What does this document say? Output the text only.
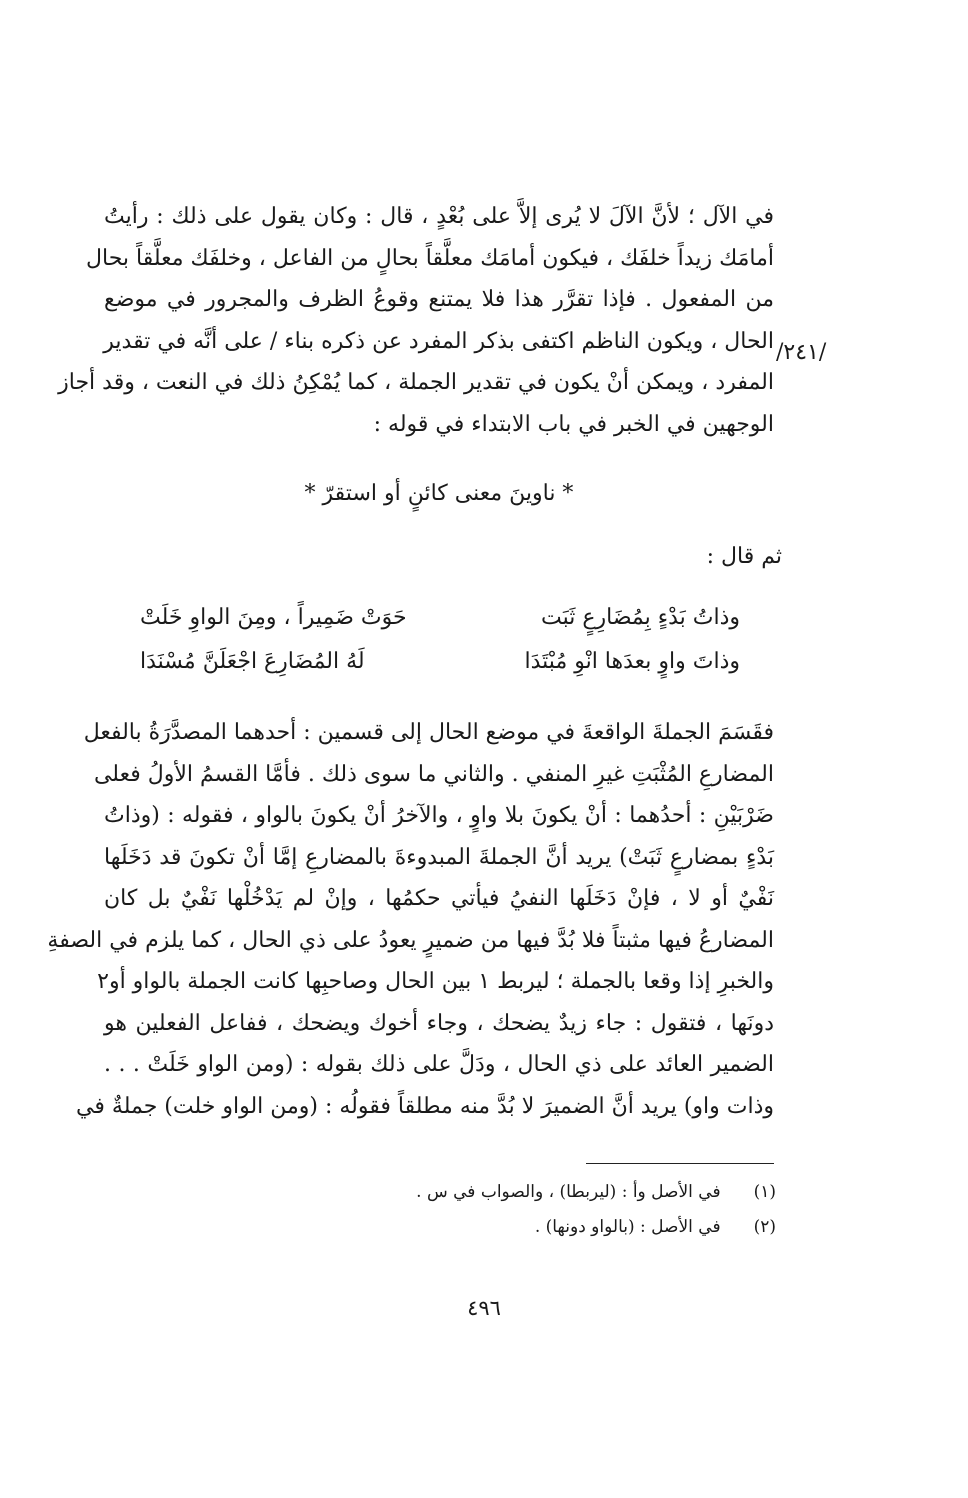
في الآل ؛ لأنَّ الآلَ لا يُرى إلاَّ على بُعْدٍ ، قال : وكان يقول على ذلك : رأيتُ
أمامَك زيداً خلفَك ، فيكون أمامَك معلَّقاً بحالٍ من الفاعل ، وخلفَك معلَّقاً بحال
من المفعول . فإذا تقرَّر هذا فلا يمتنع وقوعُ الظرف والمجرور في موضع
الحال ، ويكون الناظم اكتفى بذكر المفرد عن ذكره بناء / على أنَّه في تقدير
المفرد ، ويمكن أنْ يكون في تقدير الجملة ، كما يُمْكِنُ ذلك في النعت ، وقد أجاز
الوجهين في الخبر في باب الابتداء في قوله :
/٢٤١/
* ناوينَ معنى كائنٍ أو استقرّ *
ثم قال :
وذاتُ بَدْءٍ بِمُضَارِعٍ ثَبَت
حَوَتْ ضَمِيراً ، ومِنَ الواوِ خَلَتْ
وذاتَ واوٍ بعدَها انْوِ مُبْتَدَا
لَهُ المُضَارِعَ اجْعَلَنَّ مُسْنَدَا
فقَسَمَ الجملةَ الواقعةَ في موضع الحال إلى قسمين : أحدهما المصدَّرَةُ بالفعل
المضارعِ المُثْبَتِ غيرِ المنفي . والثاني ما سوى ذلك . فأمَّا القسمُ الأولُ فعلى
ضَرْبَيْنِ : أحدُهما : أنْ يكونَ بلا واوٍ ، والآخرُ أنْ يكونَ بالواو ، فقوله : (وذاتُ
بَدْءٍ بمضارعٍ ثَبَتْ) يريد أنَّ الجملةَ المبدوءةَ بالمضارعِ إمَّا أنْ تكونَ قد دَخَلَها
نَفْيٌ أو لا ، فإنْ دَخَلَها النفيُ فيأتي حكمُها ، وإنْ لم يَدْخُلْها نَفْيٌ بل كان
المضارعُ فيها مثبتاً فلا بُدَّ فيها من ضميرٍ يعودُ على ذي الحال ، كما يلزم في الصفةِ
والخبرِ إذا وقعا بالجملة ؛ ليربط ١ بين الحال وصاحبِها كانت الجملة بالواو أو٢
دونَها ، فتقول : جاء زيدٌ يضحك ، وجاء أخوك ويضحك ، ففاعل الفعلين هو
الضمير العائد على ذي الحال ، ودَلَّ على ذلك بقوله : (ومن الواو خَلَتْ . . .
وذات واو) يريد أنَّ الضميرَ لا بُدَّ منه مطلقاً فقولُه : (ومن الواو خلت) جملةٌ في
(١) في الأصل وأ : (ليربطا) ، والصواب في س .
(٢) في الأصل : (بالواو دونها) .
٤٩٦
